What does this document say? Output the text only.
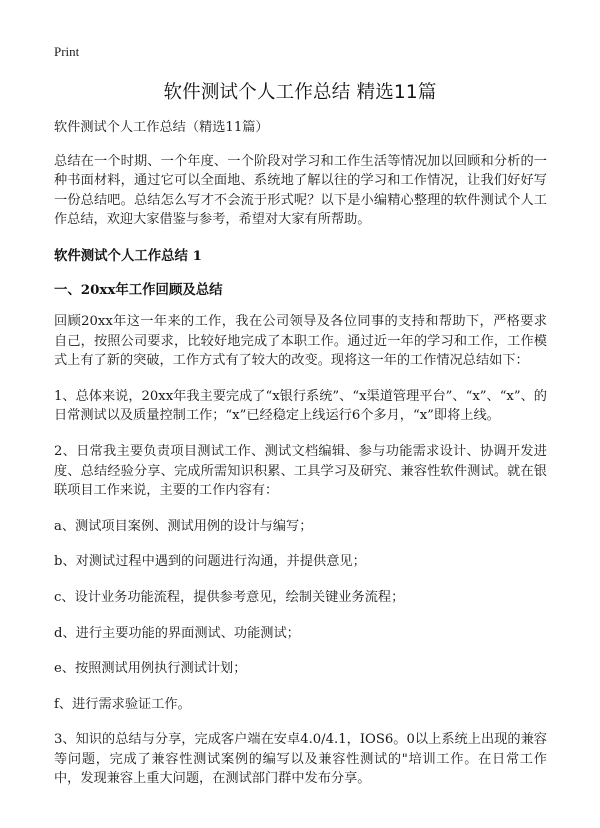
Print
软件测试个人工作总结 精选11篇

软件测试个人工作总结（精选11篇）

总结在一个时期、一个年度、一个阶段对学习和工作生活等情况加以回顾和分析的一种书面材料，通过它可以全面地、系统地了解以往的学习和工作情况，让我们好好写一份总结吧。总结怎么写才不会流于形式呢？以下是小编精心整理的软件测试个人工作总结，欢迎大家借鉴与参考，希望对大家有所帮助。

软件测试个人工作总结 1

一、20xx年工作回顾及总结

回顾20xx年这一年来的工作，我在公司领导及各位同事的支持和帮助下，严格要求自己，按照公司要求，比较好地完成了本职工作。通过近一年的学习和工作，工作模式上有了新的突破，工作方式有了较大的改变。现将这一年的工作情况总结如下：

1、总体来说，20xx年我主要完成了“x银行系统”、“x渠道管理平台”、“x”、“x”、的日常测试以及质量控制工作；“x”已经稳定上线运行6个多月，“x”即将上线。
2、日常我主要负责项目测试工作、测试文档编辑、参与功能需求设计、协调开发进度、总结经验分享、完成所需知识积累、工具学习及研究、兼容性软件测试。就在银联项目工作来说，主要的工作内容有：
a、测试项目案例、测试用例的设计与编写；
b、对测试过程中遇到的问题进行沟通，并提供意见；
c、设计业务功能流程，提供参考意见，绘制关键业务流程；
d、进行主要功能的界面测试、功能测试；
e、按照测试用例执行测试计划；
f、进行需求验证工作。
3、知识的总结与分享，完成客户端在安卓4.0/4.1，IOS6。0以上系统上出现的兼容等问题，完成了兼容性测试案例的编写以及兼容性测试的"培训工作。在日常工作中，发现兼容上重大问题，在测试部门群中发布分享。
